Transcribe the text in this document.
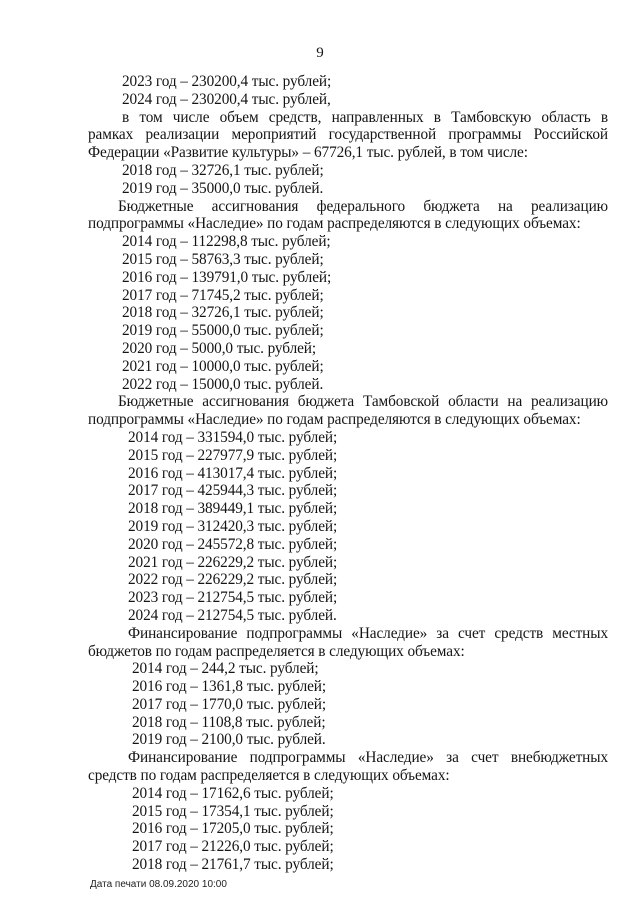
9

2023 год – 230200,4 тыс. рублей;

2024 год – 230200,4 тыс. рублей,

в том числе объем средств, направленных в Тамбовскую область в

рамках реализации мероприятий государственной программы Российской

Федерации «Развитие культуры» – 67726,1 тыс. рублей, в том числе:

2018 год – 32726,1 тыс. рублей;

2019 год – 35000,0 тыс. рублей.

Бюджетные ассигнования федерального бюджета на реализацию

подпрограммы «Наследие» по годам распределяются в следующих объемах:

2014 год – 112298,8 тыс. рублей;

2015 год – 58763,3 тыс. рублей;

2016 год – 139791,0 тыс. рублей;

2017 год – 71745,2 тыс. рублей;

2018 год – 32726,1 тыс. рублей;

2019 год – 55000,0 тыс. рублей;

2020 год – 5000,0 тыс. рублей;

2021 год – 10000,0 тыс. рублей;

2022 год – 15000,0 тыс. рублей.

Бюджетные ассигнования бюджета Тамбовской области на реализацию

подпрограммы «Наследие» по годам распределяются в следующих объемах:

2014 год – 331594,0 тыс. рублей;

2015 год – 227977,9 тыс. рублей;

2016 год – 413017,4 тыс. рублей;

2017 год – 425944,3 тыс. рублей;

2018 год – 389449,1 тыс. рублей;

2019 год – 312420,3 тыс. рублей;

2020 год – 245572,8 тыс. рублей;

2021 год – 226229,2 тыс. рублей;

2022 год – 226229,2 тыс. рублей;

2023 год – 212754,5 тыс. рублей;

2024 год – 212754,5 тыс. рублей.

Финансирование подпрограммы «Наследие» за счет средств местных

бюджетов по годам распределяется в следующих объемах:

2014 год – 244,2 тыс. рублей;

2016 год – 1361,8 тыс. рублей;

2017 год – 1770,0 тыс. рублей;

2018 год – 1108,8 тыс. рублей;

2019 год – 2100,0 тыс. рублей.

Финансирование подпрограммы «Наследие» за счет внебюджетных

средств по годам распределяется в следующих объемах:

2014 год – 17162,6 тыс. рублей;

2015 год – 17354,1 тыс. рублей;

2016 год – 17205,0 тыс. рублей;

2017 год – 21226,0 тыс. рублей;

2018 год – 21761,7 тыс. рублей;

Дата печати 08.09.2020 10:00
